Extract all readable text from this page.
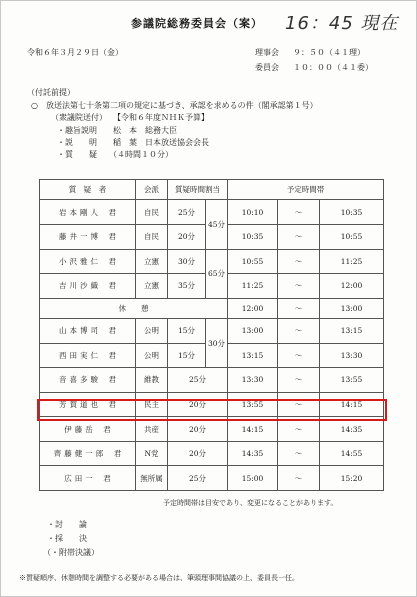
参議院総務委員会（案） 16：45 現在
令和６年３月２９日（金）	理事会 ９：５０（４１理）
委員会 １０：００（４１委）
（付託前提）
○　放送法第七十条第二項の規定に基づき、承認を求めるの件（閣承認第１号）
（衆議院送付） 【令和６年度ＮＨＫ予算】
・趣旨説明　　松　本　総務大臣
・説　　明　　稲　葉　日本放送協会会長
・質　　疑　　（４時間１０分）
質　疑　者	会派	質疑時間割当		予定時間帯		
岩本剛人　 君	自民	25分	45分	10:10	〜	10:35
藤井一博　 君	自民	20分		10:35	〜	10:55
小沢雅仁　 君	立憲	30分	65分	10:55	〜	11:25
吉川沙織　 君	立憲	35分		11:25	〜	12:00
休　　憩				12:00	〜	13:00
山本博司　 君	公明	15分	30分	13:00	〜	13:15
西田実仁　 君	公明	15分		13:15	〜	13:30
音喜多駿　 君	維教	25分		13:30	〜	13:55
芳賀道也　 君	民主	20分		13:55	〜	14:15
伊藤岳　 君	共産	20分		14:15	〜	14:35
齊藤健一郎　 君	N党	20分		14:35	〜	14:55
広田一　 君	無所属	25分		15:00	〜	15:20
予定時間帯は目安であり、変更になることがあります。
・討　　論
・採　　決
（・附帯決議）
※質疑順序、休憩時間を調整する必要がある場合は、筆頭理事間協議の上、委員長一任。
